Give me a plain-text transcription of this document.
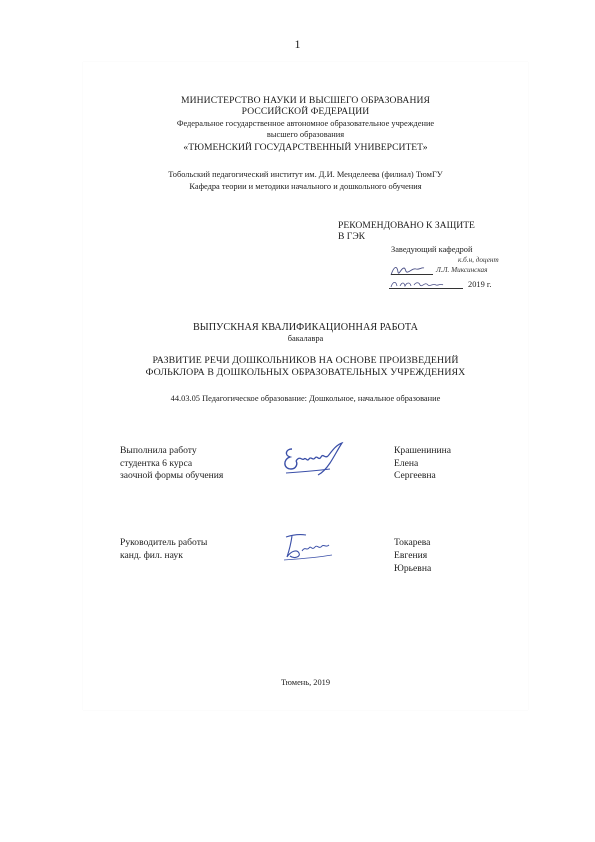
1
МИНИСТЕРСТВО НАУКИ И ВЫСШЕГО ОБРАЗОВАНИЯ
РОССИЙСКОЙ ФЕДЕРАЦИИ
Федеральное государственное автономное образовательное учреждение
высшего образования
«ТЮМЕНСКИЙ ГОСУДАРСТВЕННЫЙ УНИВЕРСИТЕТ»
Тобольский педагогический институт им. Д.И. Менделеева (филиал) ТюмГУ
Кафедра теории и методики начального и дошкольного обучения
РЕКОМЕНДОВАНО К ЗАЩИТЕ
В ГЭК
Заведующий кафедрой
к.б.н, доцент
Л.Л. Миксинская
2019 г.
ВЫПУСКНАЯ КВАЛИФИКАЦИОННАЯ РАБОТА
бакалавра
РАЗВИТИЕ РЕЧИ ДОШКОЛЬНИКОВ НА ОСНОВЕ ПРОИЗВЕДЕНИЙ
ФОЛЬКЛОРА В ДОШКОЛЬНЫХ ОБРАЗОВАТЕЛЬНЫХ УЧРЕЖДЕНИЯХ
44.03.05 Педагогическое образование: Дошкольное, начальное образование
Выполнила работу
студентка 6 курса
заочной формы обучения
Крашенинина
Елена
Сергеевна
Руководитель работы
канд. фил. наук
Токарева
Евгения
Юрьевна
Тюмень, 2019
